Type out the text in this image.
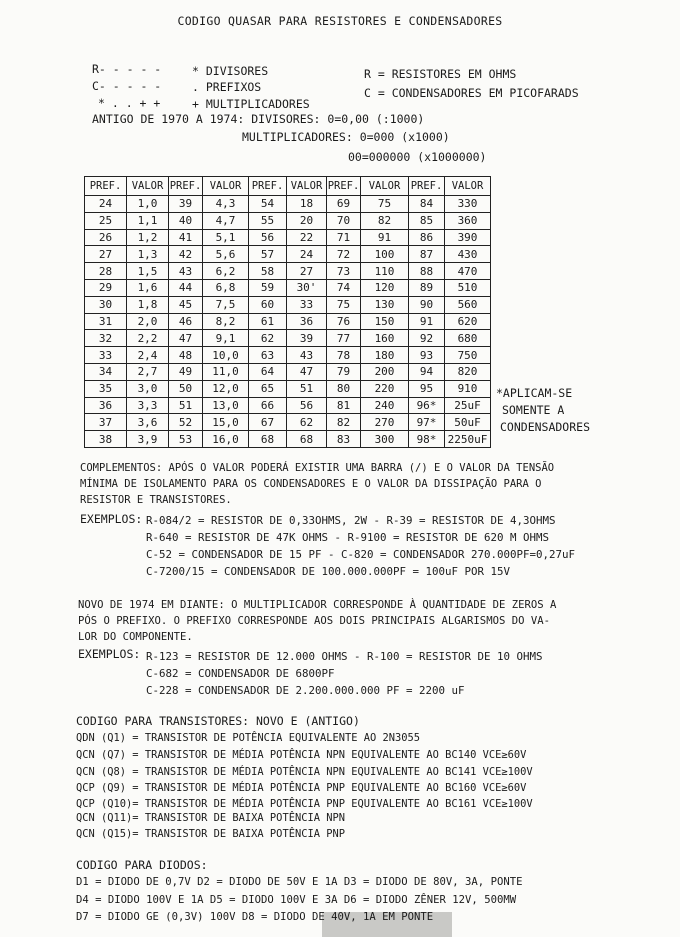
CODIGO QUASAR PARA RESISTORES E CONDENSADORES
R- - - - -	* DIVISORES
C- - - - -	. PREFIXOS
* . . + +	+ MULTIPLICADORES
R = RESISTORES EM OHMS
C = CONDENSADORES EM PICOFARADS
ANTIGO DE 1970 A 1974: DIVISORES: 0=0,00 (:1000)
MULTIPLICADORES: 0=000 (x1000)
00=000000 (x1000000)
PREF.	VALOR	PREF.	VALOR	PREF.	VALOR	PREF.	VALOR	PREF.	VALOR
24	1,0	39	4,3	54	18	69	75	84	330
25	1,1	40	4,7	55	20	70	82	85	360
26	1,2	41	5,1	56	22	71	91	86	390
27	1,3	42	5,6	57	24	72	100	87	430
28	1,5	43	6,2	58	27	73	110	88	470
29	1,6	44	6,8	59	30'	74	120	89	510
30	1,8	45	7,5	60	33	75	130	90	560
31	2,0	46	8,2	61	36	76	150	91	620
32	2,2	47	9,1	62	39	77	160	92	680
33	2,4	48	10,0	63	43	78	180	93	750
34	2,7	49	11,0	64	47	79	200	94	820
35	3,0	50	12,0	65	51	80	220	95	910
36	3,3	51	13,0	66	56	81	240	96*	25uF
37	3,6	52	15,0	67	62	82	270	97*	50uF
38	3,9	53	16,0	68	68	83	300	98*	2250uF
*APLICAM-SE
SOMENTE A
CONDENSADORES
COMPLEMENTOS: APÓS O VALOR PODERÁ EXISTIR UMA BARRA (/) E O VALOR DA TENSÃO
MÍNIMA DE ISOLAMENTO PARA OS CONDENSADORES E O VALOR DA DISSIPAÇÃO PARA O
RESISTOR E TRANSISTORES.
EXEMPLOS: R-084/2 = RESISTOR DE 0,33OHMS, 2W - R-39 = RESISTOR DE 4,3OHMS
R-640 = RESISTOR DE 47K OHMS - R-9100 = RESISTOR DE 620 M OHMS
C-52 = CONDENSADOR DE 15 PF - C-820 = CONDENSADOR 270.000PF=0,27uF
C-7200/15 = CONDENSADOR DE 100.000.000PF = 100uF POR 15V
NOVO DE 1974 EM DIANTE: O MULTIPLICADOR CORRESPONDE À QUANTIDADE DE ZEROS A
PÓS O PREFIXO. O PREFIXO CORRESPONDE AOS DOIS PRINCIPAIS ALGARISMOS DO VA-
LOR DO COMPONENTE.
EXEMPLOS: R-123 = RESISTOR DE 12.000 OHMS - R-100 = RESISTOR DE 10 OHMS
C-682 = CONDENSADOR DE 6800PF
C-228 = CONDENSADOR DE 2.200.000.000 PF = 2200 uF
CODIGO PARA TRANSISTORES: NOVO E (ANTIGO)
QDN (Q1) = TRANSISTOR DE POTÊNCIA EQUIVALENTE AO 2N3055
QCN (Q7) = TRANSISTOR DE MÉDIA POTÊNCIA NPN EQUIVALENTE AO BC140 VCE≥60V
QCN (Q8) = TRANSISTOR DE MÉDIA POTÊNCIA NPN EQUIVALENTE AO BC141 VCE≥100V
QCP (Q9) = TRANSISTOR DE MÉDIA POTÊNCIA PNP EQUIVALENTE AO BC160 VCE≥60V
QCP (Q10)= TRANSISTOR DE MÉDIA POTÊNCIA PNP EQUIVALENTE AO BC161 VCE≥100V
QCN (Q11)= TRANSISTOR DE BAIXA POTÊNCIA NPN
QCN (Q15)= TRANSISTOR DE BAIXA POTÊNCIA PNP
CODIGO PARA DIODOS:
D1 = DIODO DE 0,7V D2 = DIODO DE 50V E 1A D3 = DIODO DE 80V, 3A, PONTE
D4 = DIODO 100V E 1A D5 = DIODO 100V E 3A D6 = DIODO ZÊNER 12V, 500MW
D7 = DIODO GE (0,3V) 100V D8 = DIODO DE 40V, 1A EM PONTE
